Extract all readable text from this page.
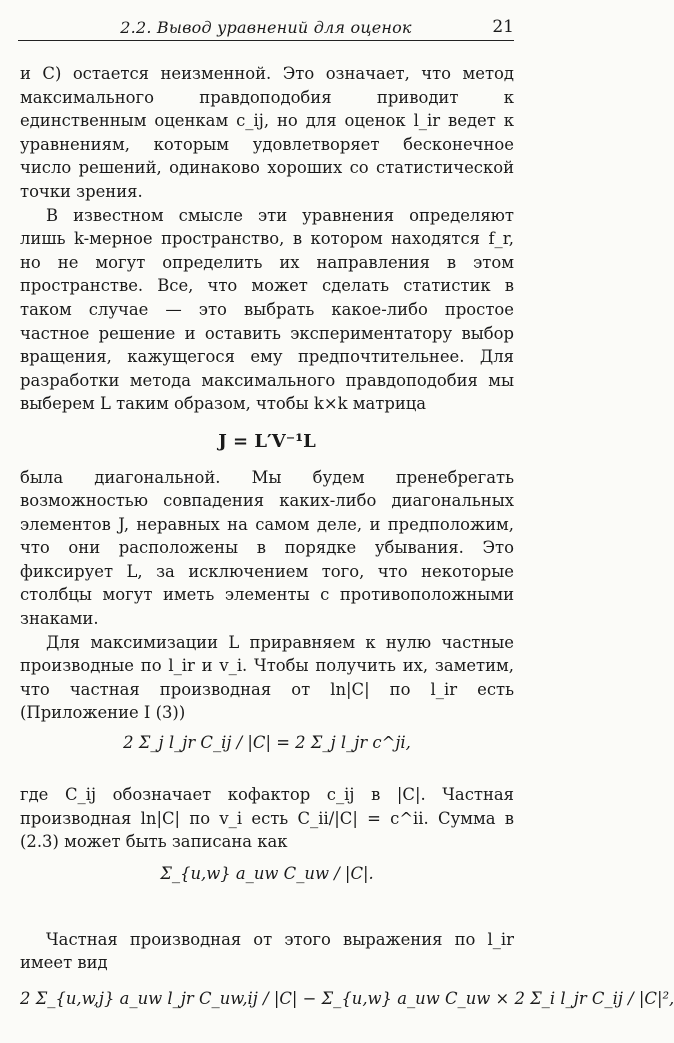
2.2. Вывод уравнений для оценок	21

и C) остается неизменной. Это означает, что метод максимального правдоподобия приводит к единственным оценкам c_ij, но для оценок l_ir ведет к уравнениям, которым удовлетворяет бесконечное число решений, одинаково хороших со статистической точки зрения.

В известном смысле эти уравнения определяют лишь k-мерное пространство, в котором находятся f_r, но не могут определить их направления в этом пространстве. Все, что может сделать статистик в таком случае — это выбрать какое-либо простое частное решение и оставить экспериментатору выбор вращения, кажущегося ему предпочтительнее. Для разработки метода максимального правдоподобия мы выберем L таким образом, чтобы k×k матрица

J = L′V⁻¹L

была диагональной. Мы будем пренебрегать возможностью совпадения каких-либо диагональных элементов J, неравных на самом деле, и предположим, что они расположены в порядке убывания. Это фиксирует L, за исключением того, что некоторые столбцы могут иметь элементы с противоположными знаками.

Для максимизации L приравняем к нулю частные производные по l_ir и v_i. Чтобы получить их, заметим, что частная производная от ln|C| по l_ir есть (Приложение I (3))

2 Σ_j l_jr C_ij / |C| = 2 Σ_j l_jr c^ji,

где C_ij обозначает кофактор c_ij в |C|. Частная производная ln|C| по v_i есть C_ii/|C| = c^ii. Сумма в (2.3) может быть записана как

Σ_{u,w} a_uw C_uw / |C|.

Частная производная от этого выражения по l_ir имеет вид

2 Σ_{u,w,j} a_uw l_jr C_uw,ij / |C| − Σ_{u,w} a_uw C_uw × 2 Σ_i l_jr C_ij / |C|²,
